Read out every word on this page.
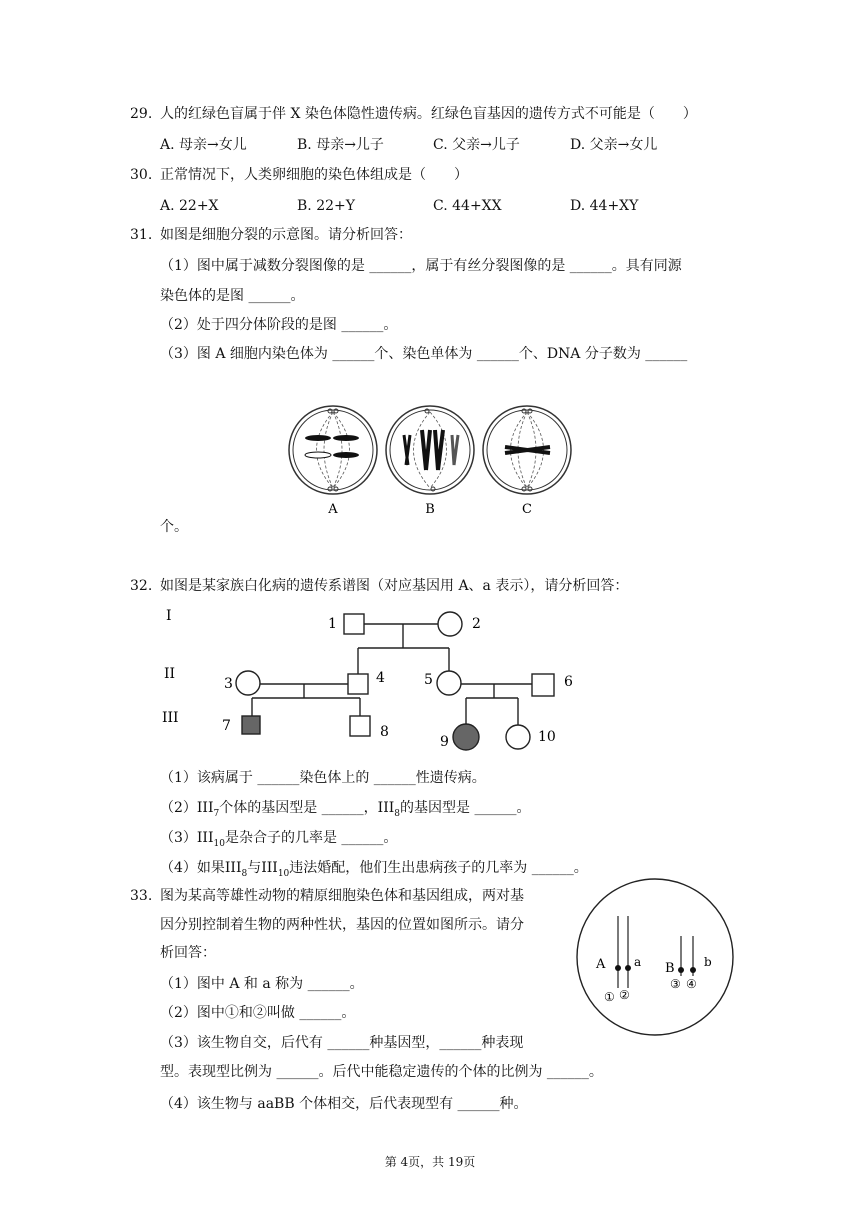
29. 人的红绿色盲属于伴 X 染色体隐性遗传病。红绿色盲基因的遗传方式不可能是（　　）
A. 母亲→女儿	B. 母亲→儿子	C. 父亲→儿子	D. 父亲→女儿
30. 正常情况下，人类卵细胞的染色体组成是（　　）
A. 22+X	B. 22+Y	C. 44+XX	D. 44+XY
31. 如图是细胞分裂的示意图。请分析回答：
（1）图中属于减数分裂图像的是 ______，属于有丝分裂图像的是 ______。具有同源
染色体的是图 ______。
（2）处于四分体阶段的是图 ______。
（3）图 A 细胞内染色体为 ______个、染色单体为 ______个、DNA 分子数为 ______
A	B	C
个。
32. 如图是某家族白化病的遗传系谱图（对应基因用 A、a 表示），请分析回答：
I
II
III
1	2
3	4	5	6
7	8
9	10
（1）该病属于 ______染色体上的 ______性遗传病。
$(2)III_7$个体的基因型是 ______，$III_8$的基因型是 ______。
$(3)III_{10}$是杂合子的几率是 ______。
（4）如果$III_8$与$III_{10}$违法婚配，他们生出患病孩子的几率为 ______。
33. 图为某高等雄性动物的精原细胞染色体和基因组成，两对基
因分别控制着生物的两种性状，基因的位置如图所示。请分
析回答：
（1）图中 A 和 a 称为 ______。
（2）图中①和②叫做 ______。
（3）该生物自交，后代有 ______种基因型，______种表现
型。表现型比例为 ______。后代中能稳定遗传的个体的比例为 ______。
（4）该生物与 aaBB 个体相交，后代表现型有 ______种。
A a B b
① ②
③ ④
第 4页，共 19页
